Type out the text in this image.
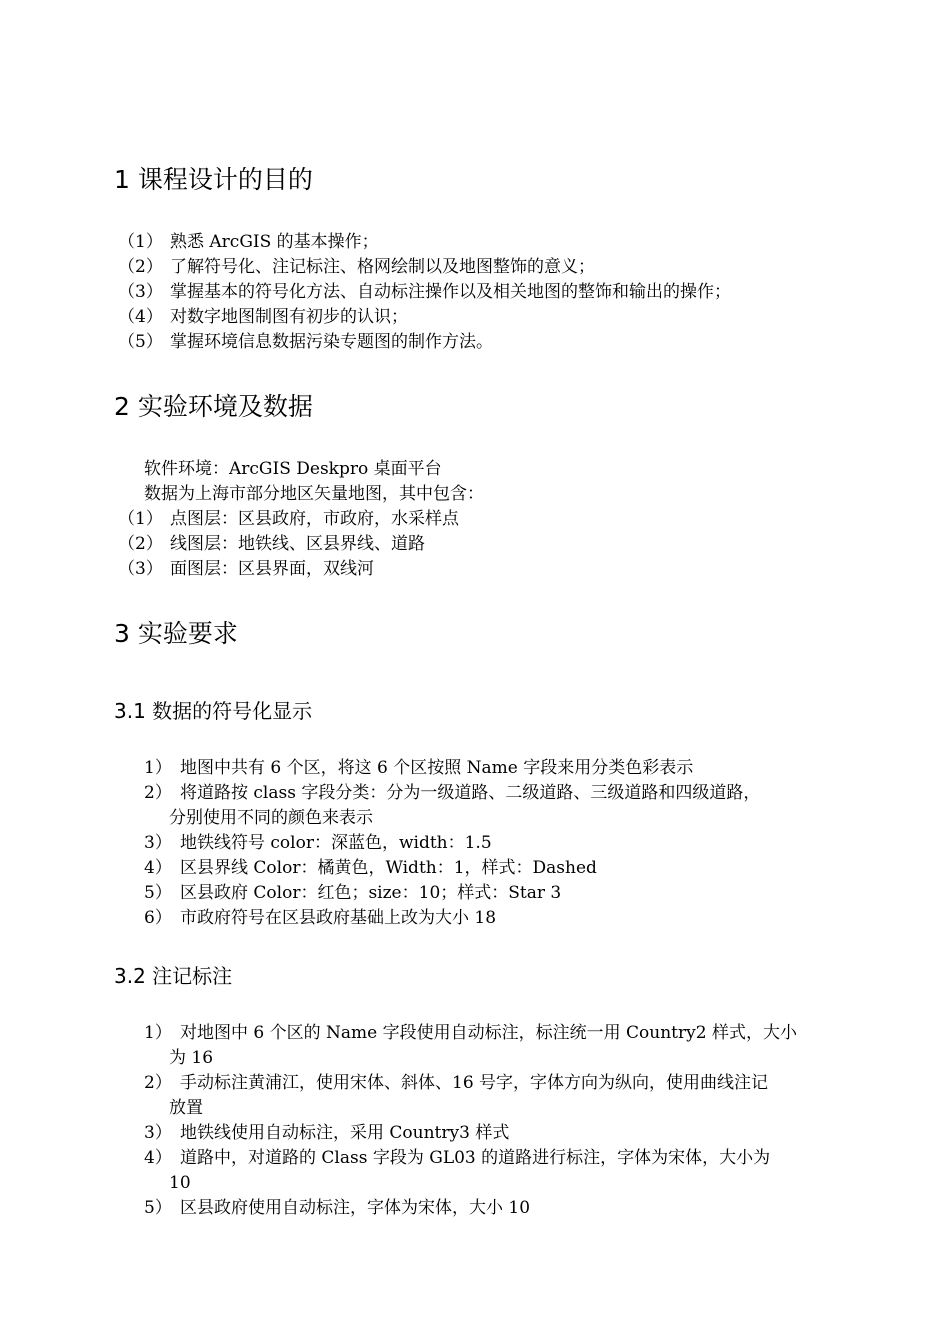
1 课程设计的目的
（1） 熟悉 ArcGIS 的基本操作；
（2） 了解符号化、注记标注、格网绘制以及地图整饰的意义；
（3） 掌握基本的符号化方法、自动标注操作以及相关地图的整饰和输出的操作；
（4） 对数字地图制图有初步的认识；
（5） 掌握环境信息数据污染专题图的制作方法。
2 实验环境及数据
软件环境：ArcGIS Deskpro 桌面平台
数据为上海市部分地区矢量地图，其中包含：
（1） 点图层：区县政府，市政府，水采样点
（2） 线图层：地铁线、区县界线、道路
（3） 面图层：区县界面，双线河
3 实验要求
3.1 数据的符号化显示
1） 地图中共有 6 个区，将这 6 个区按照 Name 字段来用分类色彩表示
2） 将道路按 class 字段分类：分为一级道路、二级道路、三级道路和四级道路，
分别使用不同的颜色来表示
3） 地铁线符号 color：深蓝色，width：1.5
4） 区县界线 Color：橘黄色，Width：1，样式：Dashed
5） 区县政府 Color：红色；size：10；样式：Star 3
6） 市政府符号在区县政府基础上改为大小 18
3.2 注记标注
1） 对地图中 6 个区的 Name 字段使用自动标注，标注统一用 Country2 样式，大小
为 16
2） 手动标注黄浦江，使用宋体、斜体、16 号字，字体方向为纵向，使用曲线注记
放置
3） 地铁线使用自动标注，采用 Country3 样式
4） 道路中，对道路的 Class 字段为 GL03 的道路进行标注，字体为宋体，大小为
10
5） 区县政府使用自动标注，字体为宋体，大小 10
